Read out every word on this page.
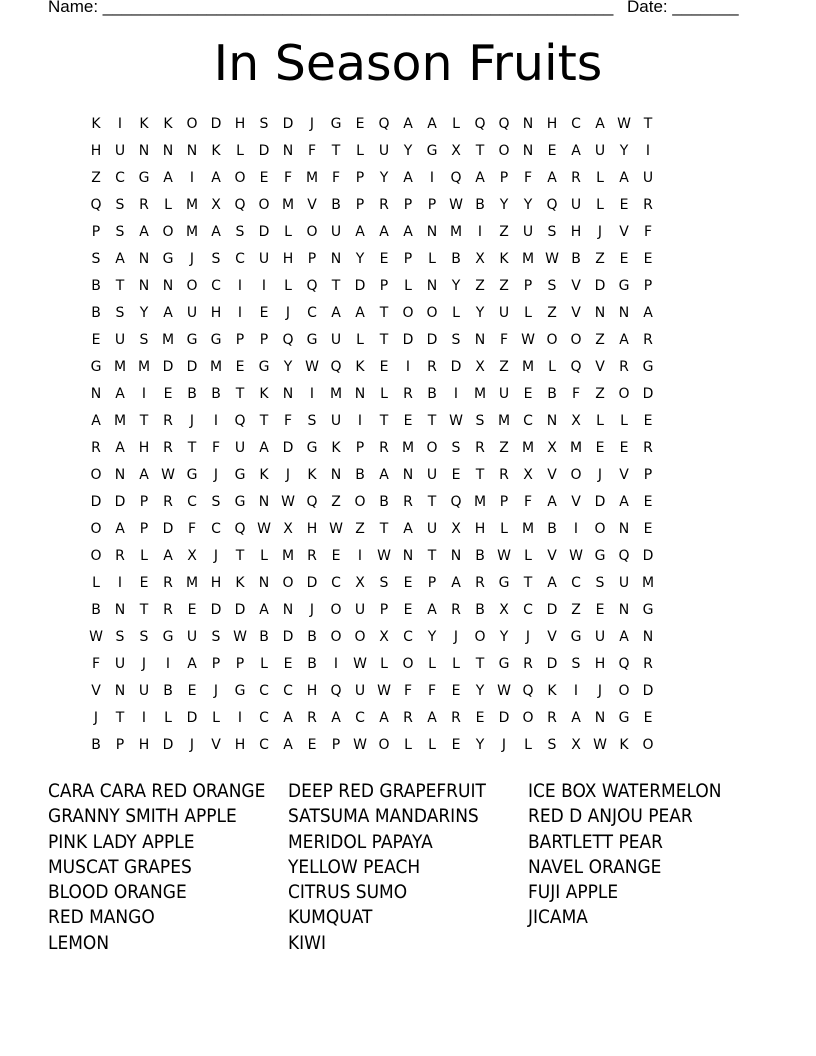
Name: ______________________________________________________ Date: _______
In Season Fruits
K	I	K	K O D H	S	D	J	G	E	Q A	A	L	Q Q N H C	A W T
H U N N N	K	L	D N	F	T	L	U	Y	G X	T	O N	E	A	U	Y	I
Z	C G A	I	A O	E	F M F	P	Y	A	I	Q A	P	F	A	R	L	A	U
Q	S	R	L	M X Q O M V	B	P	R	P	P W B	Y	Y	Q U	L	E	R
P	S	A O M A	S	D	L	O U	A	A	A N M	I	Z	U	S	H	J	V	F
S	A N G	J	S	C U H	P	N	Y	E	P	L	B	X	K M W B	Z	E	E
B	T	N N O C	I	I	L	Q	T	D	P	L	N	Y	Z	Z	P	S	V D G	P
B	S	Y	A	U H	I	E	J	C	A	A	T	O O	L	Y	U	L	Z	V N N A
E	U	S M G G	P	P	Q G U	L	T	D D	S	N	F W O O Z	A	R
G M M D D M E	G	Y W Q K	E	I	R D X	Z M	L	Q V	R G
N A	I	E	B	B	T	K	N	I	M N	L	R	B	I	M U	E	B	F	Z O D
A M T	R	J	I	Q	T	F	S	U	I	T	E	T W S M C N X	L	L	E
R	A H R	T	F	U	A D G K	P	R M O	S	R	Z M X M E	E	R
O N A W G	J	G K	J	K	N B	A N U	E	T	R	X	V O	J	V	P
D D	P	R	C	S	G N W Q Z O B	R	T	Q M P	F	A	V D A	E
O A	P	D	F	C Q W X H W Z	T	A	U	X H	L	M B	I	O N	E
O R	L	A	X	J	T	L	M R	E	I	W N	T	N B W L	V W G Q D
L	I	E	R M H	K	N O D C	X	S	E	P	A	R G	T	A	C	S	U M
B N	T	R	E	D D A N	J	O U	P	E	A	R	B	X	C D Z	E	N G
W S	S	G U	S W B D B O O X	C	Y	J	O	Y	J	V G U	A N
F	U	J	I	A	P	P	L	E	B	I	W L	O	L	L	T	G R D	S	H Q R
V N U	B	E	J	G C	C H Q U W F	F	E	Y W Q K	I	J	O D
J	T	I	L	D	L	I	C	A	R	A	C	A	R	A	R	E	D O R	A N G	E
B	P	H D	J	V H C	A	E	P W O	L	L	E	Y	J	L	S	X W K O
CARA CARA RED ORANGE
GRANNY SMITH APPLE
PINK LADY APPLE
MUSCAT GRAPES
BLOOD ORANGE
RED MANGO
LEMON
DEEP RED GRAPEFRUIT
SATSUMA MANDARINS
MERIDOL PAPAYA
YELLOW PEACH
CITRUS SUMO
KUMQUAT
KIWI
ICE BOX WATERMELON
RED D ANJOU PEAR
BARTLETT PEAR
NAVEL ORANGE
FUJI APPLE
JICAMA
